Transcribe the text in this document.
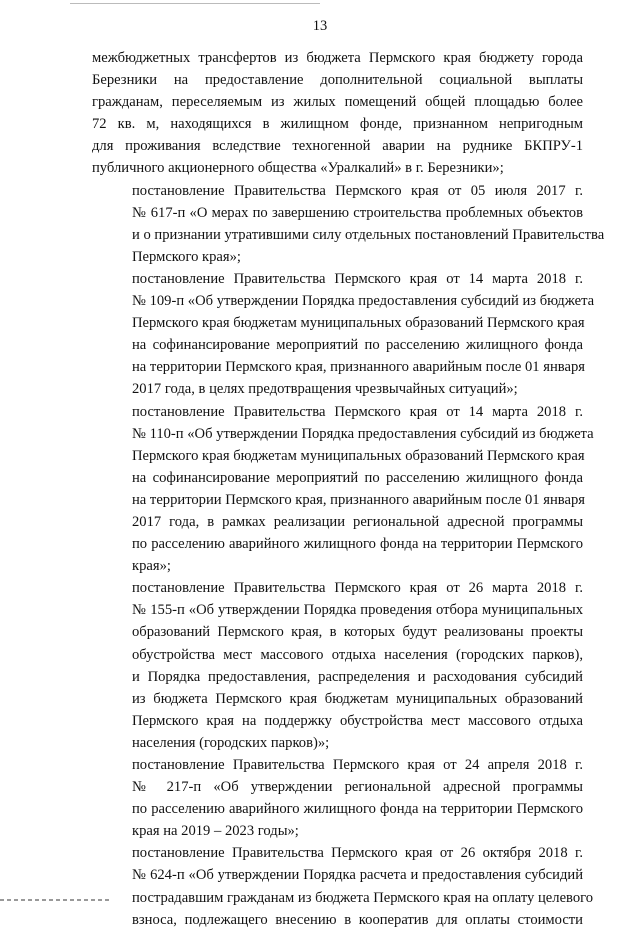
13

межбюджетных трансфертов из бюджета Пермского края бюджету города
Березники на предоставление дополнительной социальной выплаты
гражданам, переселяемым из жилых помещений общей площадью более
72 кв. м, находящихся в жилищном фонде, признанном непригодным
для проживания вследствие техногенной аварии на руднике БКПРУ-1
публичного акционерного общества «Уралкалий» в г. Березники»;

постановление Правительства Пермского края от 05 июля 2017 г.
№ 617-п «О мерах по завершению строительства проблемных объектов
и о признании утратившими силу отдельных постановлений Правительства
Пермского края»;

постановление Правительства Пермского края от 14 марта 2018 г.
№ 109-п «Об утверждении Порядка предоставления субсидий из бюджета
Пермского края бюджетам муниципальных образований Пермского края
на софинансирование мероприятий по расселению жилищного фонда
на территории Пермского края, признанного аварийным после 01 января
2017 года, в целях предотвращения чрезвычайных ситуаций»;

постановление Правительства Пермского края от 14 марта 2018 г.
№ 110-п «Об утверждении Порядка предоставления субсидий из бюджета
Пермского края бюджетам муниципальных образований Пермского края
на софинансирование мероприятий по расселению жилищного фонда
на территории Пермского края, признанного аварийным после 01 января
2017 года, в рамках реализации региональной адресной программы
по расселению аварийного жилищного фонда на территории Пермского
края»;

постановление Правительства Пермского края от 26 марта 2018 г.
№ 155-п «Об утверждении Порядка проведения отбора муниципальных
образований Пермского края, в которых будут реализованы проекты
обустройства мест массового отдыха населения (городских парков),
и Порядка предоставления, распределения и расходования субсидий
из бюджета Пермского края бюджетам муниципальных образований
Пермского края на поддержку обустройства мест массового отдыха
населения (городских парков)»;

постановление Правительства Пермского края от 24 апреля 2018 г.
№ 217-п «Об утверждении региональной адресной программы
по расселению аварийного жилищного фонда на территории Пермского
края на 2019 – 2023 годы»;

постановление Правительства Пермского края от 26 октября 2018 г.
№ 624-п «Об утверждении Порядка расчета и предоставления субсидий
пострадавшим гражданам из бюджета Пермского края на оплату целевого
взноса, подлежащего внесению в кооператив для оплаты стоимости
